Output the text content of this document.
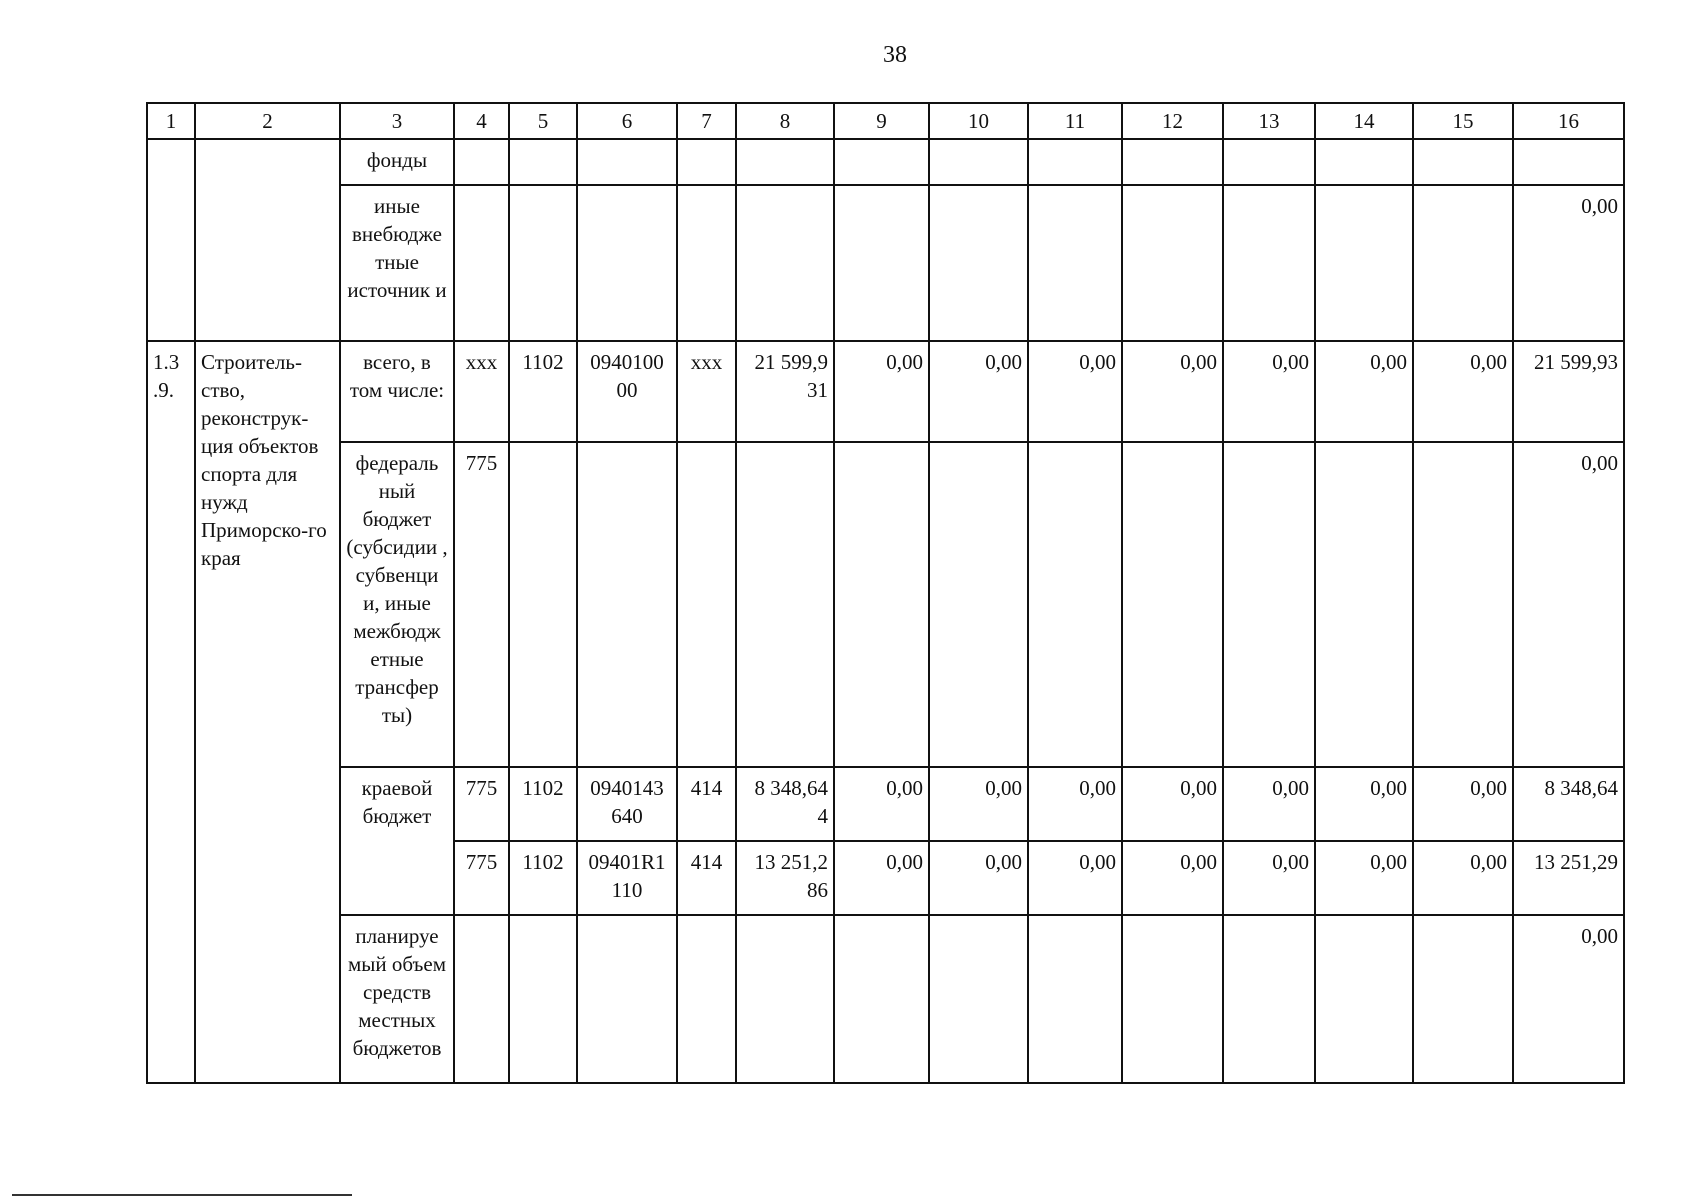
38
1	2	3	4	5	6	7	8	9	10	11	12	13	14	15	16
		фонды													
		иные внебюдже тные источник и													0,00
1.3 .9.	Строитель-ство, реконструк-ция объектов спорта для нужд Приморско-го края	всего, в том числе:	ххх	1102	0940100 00	ххх	21 599,9 31	0,00	0,00	0,00	0,00	0,00	0,00	0,00	21 599,93
		федераль ный бюджет (субсидии , субвенци и, иные межбюдж етные трансфер ты)	775												0,00
		краевой бюджет	775	1102	0940143 640	414	8 348,64 4	0,00	0,00	0,00	0,00	0,00	0,00	0,00	8 348,64
			775	1102	09401R1 110	414	13 251,2 86	0,00	0,00	0,00	0,00	0,00	0,00	0,00	13 251,29
		планируе мый объем средств местных бюджетов													0,00
